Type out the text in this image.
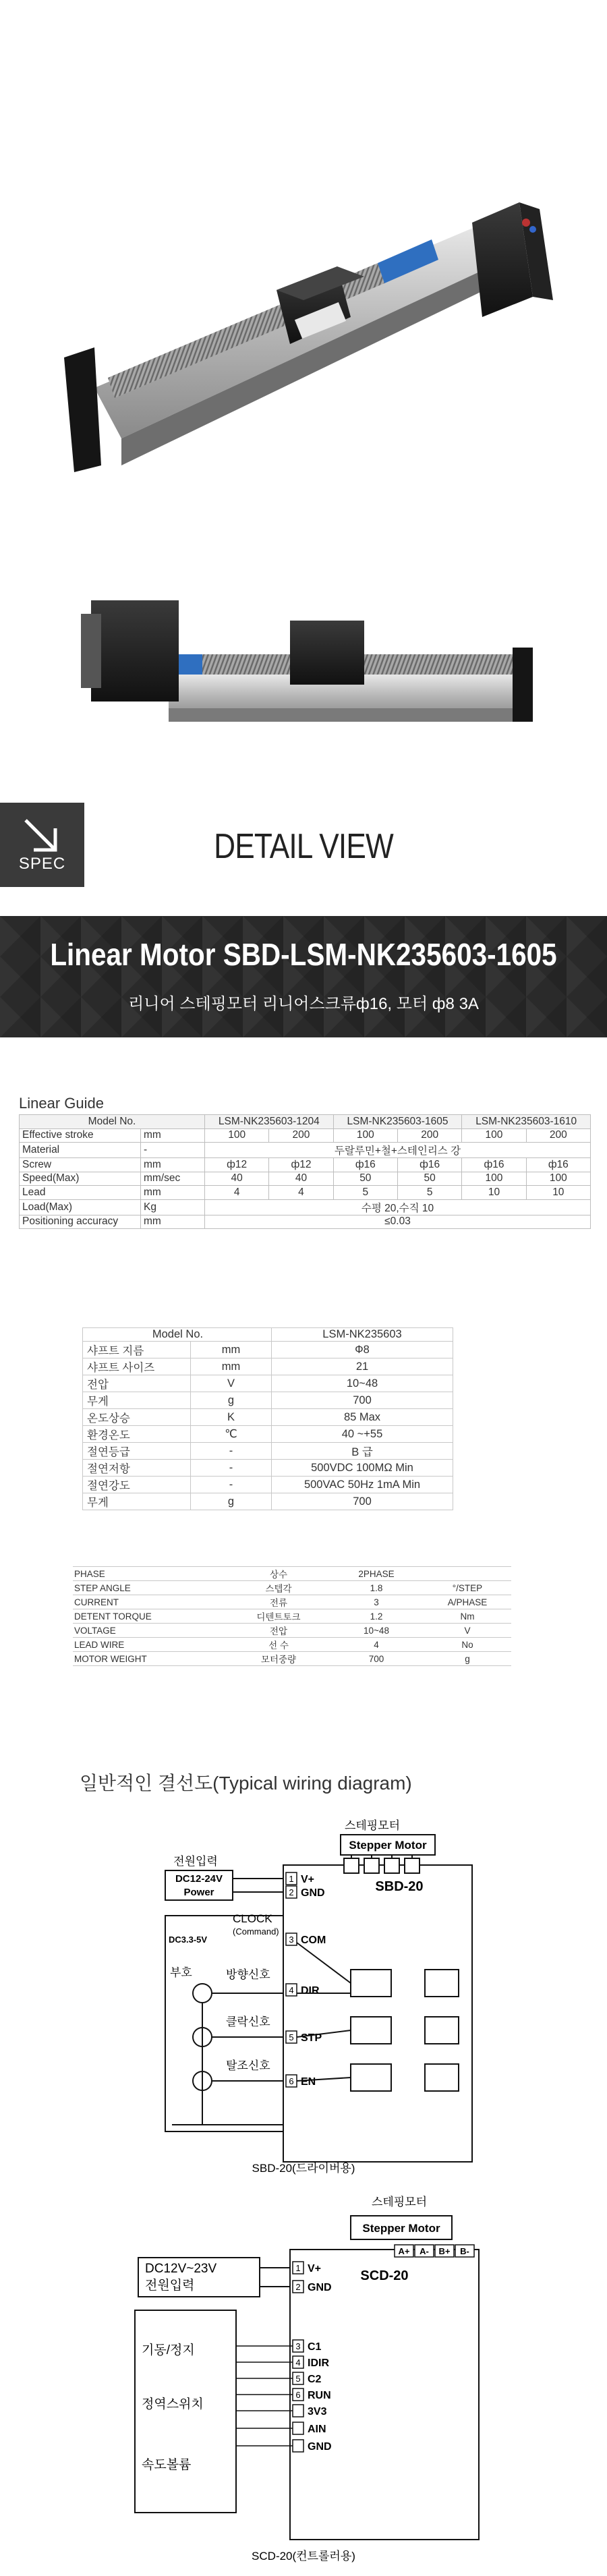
SPEC	DETAIL VIEW
Linear Motor SBD-LSM-NK235603-1605

리니어 스테핑모터 리니어스크류ф16, 모터 ф8 3A

Linear Guide
Model No.		LSM-NK235603-1204		LSM-NK235603-1605		LSM-NK235603-1610	
Effective stroke	mm	100	200	100	200	100	200
Material	-	두랄루민+철+스테인리스 강					
Screw	mm	ф12	ф12	ф16	ф16	ф16	ф16
Speed(Max)	mm/sec	40	40	50	50	100	100
Lead	mm	4	4	5	5	10	10
Load(Max)	Kg	수평 20,수직 10					
Positioning accuracy	mm	≤0.03					
Model No.		LSM-NK235603
샤프트 지름	mm	Ф8
샤프트 사이즈	mm	21
전압	V	10~48
무게	g	700
온도상승	K	85 Max
환경온도	℃	40 ~+55
절연등급	-	B 급
절연저항	-	500VDC 100MΩ Min
절연강도	-	500VAC 50Hz 1mA Min
무게	g	700
PHASE	상수	2PHASE	
STEP ANGLE	스텝각	1.8	°/STEP
CURRENT	전류	3	A/PHASE
DETENT TORQUE	디텐트토크	1.2	Nm
VOLTAGE	전압	10~48	V
LEAD WIRE	선 수	4	No
MOTOR WEIGHT	모터중량	700	g
일반적인 결선도(Typical wiring diagram)
스테핑모터
Stepper Motor
SBD-20
전원입력
DC12-24V
Power
1 V+
2 GND
3 COM
4 DIR
5 STP
6 EN
DC3.3-5V
CLOCK
(Command)
부호	방향신호
클락신호
탈조신호
SBD-20(드라이버용)
스테핑모터
Stepper Motor
A+ A- B+ B-
SCD-20
DC12V~23V
전원입력
기동/정지
정역스위치
속도볼륨
1 V+
2 GND
3 C1
4 IDIR
5 C2
6 RUN
3V3
AIN
GND
SCD-20(컨트롤러용)
